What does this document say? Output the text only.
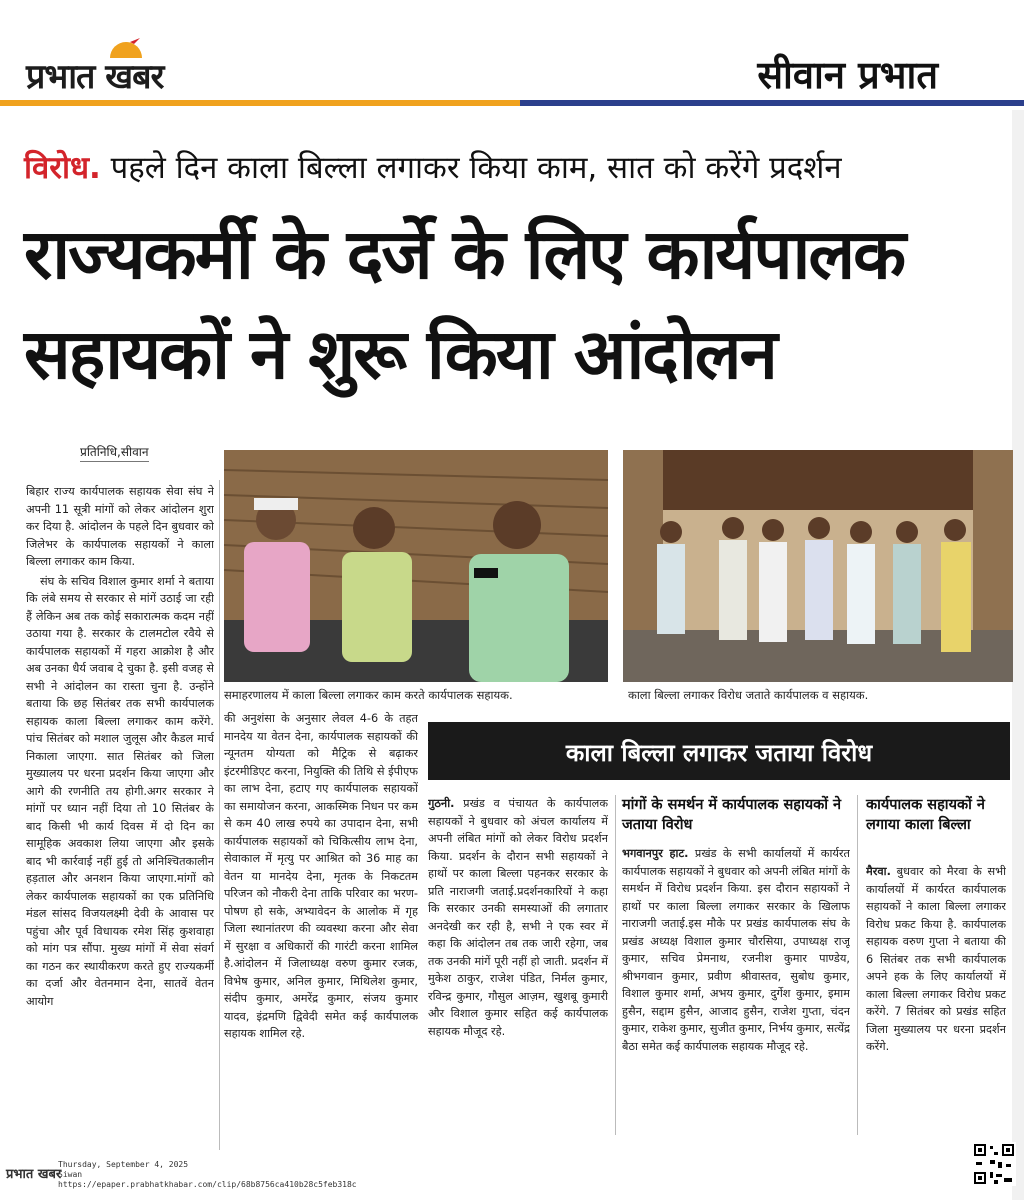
प्रभात खबर	सीवान प्रभात
विरोध. पहले दिन काला बिल्ला लगाकर किया काम, सात को करेंगे प्रदर्शन
राज्यकर्मी के दर्जे के लिए कार्यपालक
सहायकों ने शुरू किया आंदोलन
प्रतिनिधि,सीवान

बिहार राज्य कार्यपालक सहायक सेवा संघ ने अपनी 11 सूत्री मांगों को लेकर आंदोलन शुरा कर दिया है. आंदोलन के पहले दिन बुधवार को जिलेभर के कार्यपालक सहायकों ने काला बिल्ला लगाकर काम किया.

संघ के सचिव विशाल कुमार शर्मा ने बताया कि लंबे समय से सरकार से मांगें उठाई जा रही हैं लेकिन अब तक कोई सकारात्मक कदम नहीं उठाया गया है. सरकार के टालमटोल रवैये से कार्यपालक सहायकों में गहरा आक्रोश है और अब उनका धैर्य जवाब दे चुका है. इसी वजह से सभी ने आंदोलन का रास्ता चुना है. उन्होंने बताया कि छह सितंबर तक सभी कार्यपालक सहायक काला बिल्ला लगाकर काम करेंगे. पांच सितंबर को मशाल जुलूस और कैडल मार्च निकाला जाएगा. सात सितंबर को जिला मुख्यालय पर धरना प्रदर्शन किया जाएगा और आगे की रणनीति तय होगी.अगर सरकार ने मांगों पर ध्यान नहीं दिया तो 10 सितंबर के बाद किसी भी कार्य दिवस में दो दिन का सामूहिक अवकाश लिया जाएगा और इसके बाद भी कार्रवाई नहीं हुई तो अनिश्चितकालीन हड़ताल और अनशन किया जाएगा.मांगों को लेकर कार्यपालक सहायकों का एक प्रतिनिधि मंडल सांसद विजयलक्ष्मी देवी के आवास पर पहुंचा और पूर्व विधायक रमेश सिंह कुशवाहा को मांग पत्र सौंपा. मुख्य मांगों में सेवा संवर्ग का गठन कर स्थायीकरण करते हुए राज्यकर्मी का दर्जा और वेतनमान देना, सातवें वेतन आयोग

समाहरणालय में काला बिल्ला लगाकर काम करते कार्यपालक सहायक.	काला बिल्ला लगाकर विरोध जताते कार्यपालक व सहायक.

की अनुशंसा के अनुसार लेवल 4-6 के तहत मानदेय या वेतन देना, कार्यपालक सहायकों की न्यूनतम योग्यता को मैट्रिक से बढ़ाकर इंटरमीडिएट करना, नियुक्ति की तिथि से ईपीएफ का लाभ देना, हटाए गए कार्यपालक सहायकों का समायोजन करना, आकस्मिक निधन पर कम से कम 40 लाख रुपये का उपादान देना, सभी कार्यपालक सहायकों को चिकित्सीय लाभ देना, सेवाकाल में मृत्यु पर आश्रित को 36 माह का वेतन या मानदेय देना, मृतक के निकटतम परिजन को नौकरी देना ताकि परिवार का भरण-पोषण हो सके, अभ्यावेदन के आलोक में गृह जिला स्थानांतरण की व्यवस्था करना और सेवा में सुरक्षा व अधिकारों की गारंटी करना शामिल है.आंदोलन में जिलाध्यक्ष वरुण कुमार रजक, विभेष कुमार, अनिल कुमार, मिथिलेश कुमार, संदीप कुमार, अमरेंद्र कुमार, संजय कुमार यादव, इंद्रमणि द्विवेदी समेत कई कार्यपालक सहायक शामिल रहे.

काला बिल्ला लगाकर जताया विरोध

गुठनी. प्रखंड व पंचायत के कार्यपालक सहायकों ने बुधवार को अंचल कार्यालय में अपनी लंबित मांगों को लेकर विरोध प्रदर्शन किया. प्रदर्शन के दौरान सभी सहायकों ने हाथों पर काला बिल्ला पहनकर सरकार के प्रति नाराजगी जताई.प्रदर्शनकारियों ने कहा कि सरकार उनकी समस्याओं की लगातार अनदेखी कर रही है, सभी ने एक स्वर में कहा कि आंदोलन तब तक जारी रहेगा, जब तक उनकी मांगें पूरी नहीं हो जाती. प्रदर्शन में मुकेश ठाकुर, राजेश पंडित, निर्मल कुमार, रविन्द्र कुमार, गौसुल आज़म, खुशबू कुमारी और विशाल कुमार सहित कई कार्यपालक सहायक मौजूद रहे.

मांगों के समर्थन में कार्यपालक सहायकों ने जताया विरोध

भगवानपुर हाट. प्रखंड के सभी कार्यालयों में कार्यरत कार्यपालक सहायकों ने बुधवार को अपनी लंबित मांगों के समर्थन में विरोध प्रदर्शन किया. इस दौरान सहायकों ने हाथों पर काला बिल्ला लगाकर सरकार के खिलाफ नाराजगी जताई.इस मौके पर प्रखंड कार्यपालक संघ के प्रखंड अध्यक्ष विशाल कुमार चौरसिया, उपाध्यक्ष राजू कुमार, सचिव प्रेमनाथ, रजनीश कुमार पाण्डेय, श्रीभगवान कुमार, प्रवीण श्रीवास्तव, सुबोध कुमार, विशाल कुमार शर्मा, अभय कुमार, दुर्गेश कुमार, इमाम हुसैन, सद्दाम हुसैन, आजाद हुसैन, राजेश गुप्ता, चंदन कुमार, राकेश कुमार, सुजीत कुमार, निर्भय कुमार, सत्येंद्र बैठा समेत कई कार्यपालक सहायक मौजूद रहे.

कार्यपालक सहायकों ने लगाया काला बिल्ला

मैरवा. बुधवार को मैरवा के सभी कार्यालयों में कार्यरत कार्यपालक सहायकों ने काला बिल्ला लगाकर विरोध प्रकट किया है. कार्यपालक सहायक वरुण गुप्ता ने बताया की 6 सितंबर तक सभी कार्यपालक अपने हक के लिए कार्यालयों में काला बिल्ला लगाकर विरोध प्रकट करेंगे. 7 सितंबर को प्रखंड सहित जिला मुख्यालय पर धरना प्रदर्शन करेंगे.

प्रभात खबर
Thursday, September 4, 2025
Siwan
https://epaper.prabhatkhabar.com/clip/68b8756ca410b28c5feb318c
